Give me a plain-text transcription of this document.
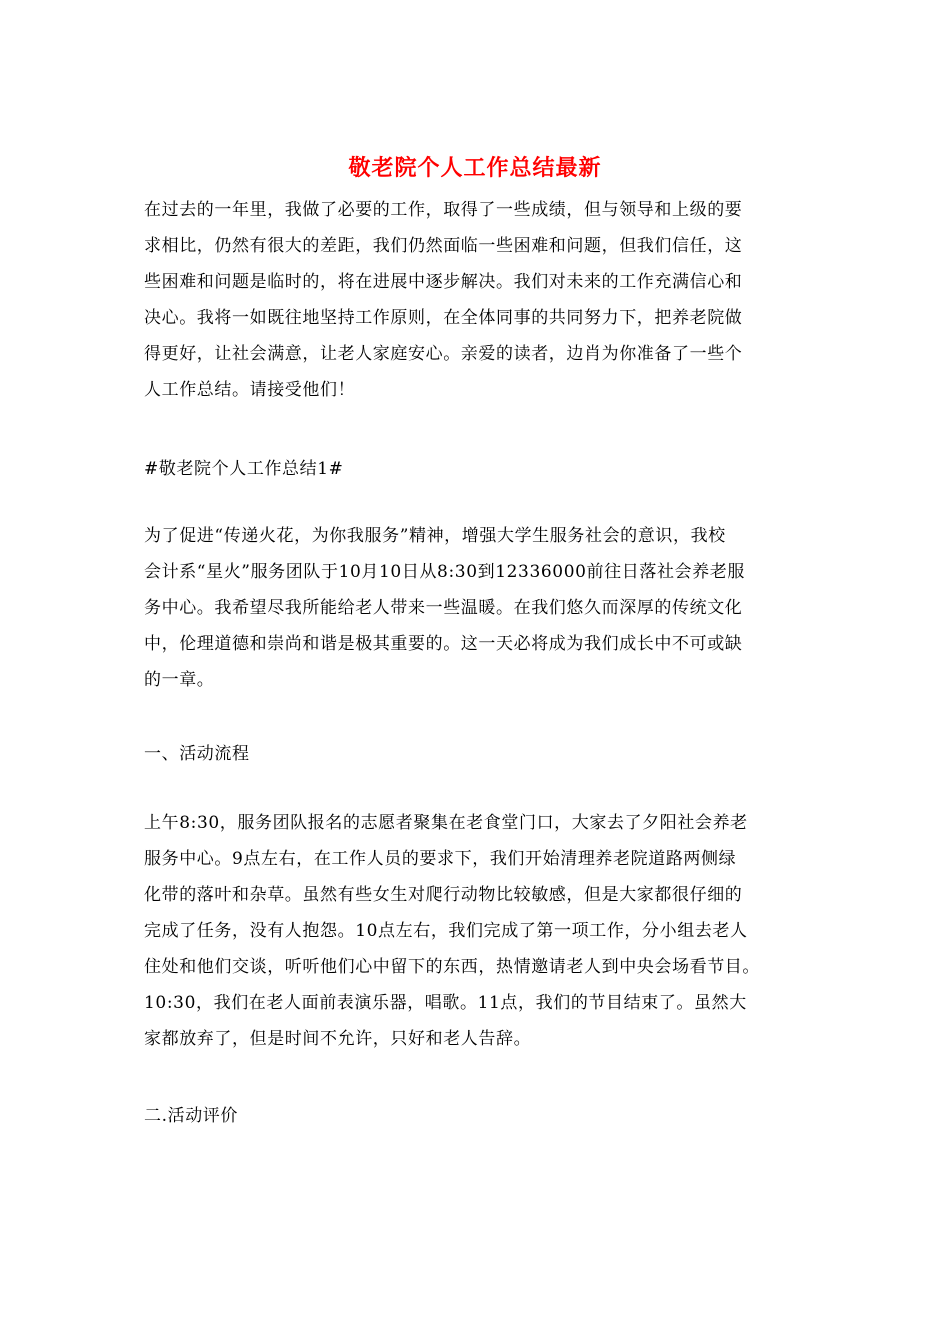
敬老院个人工作总结最新
在过去的一年里，我做了必要的工作，取得了一些成绩，但与领导和上级的要
求相比，仍然有很大的差距，我们仍然面临一些困难和问题，但我们信任，这
些困难和问题是临时的，将在进展中逐步解决。我们对未来的工作充满信心和
决心。我将一如既往地坚持工作原则，在全体同事的共同努力下，把养老院做
得更好，让社会满意，让老人家庭安心。亲爱的读者，边肖为你准备了一些个
人工作总结。请接受他们！
#敬老院个人工作总结1#
为了促进“传递火花，为你我服务”精神，增强大学生服务社会的意识，我校
会计系“星火”服务团队于10月10日从8:30到12336000前往日落社会养老服
务中心。我希望尽我所能给老人带来一些温暖。在我们悠久而深厚的传统文化
中，伦理道德和崇尚和谐是极其重要的。这一天必将成为我们成长中不可或缺
的一章。
一、活动流程
上午8:30，服务团队报名的志愿者聚集在老食堂门口，大家去了夕阳社会养老
服务中心。9点左右，在工作人员的要求下，我们开始清理养老院道路两侧绿
化带的落叶和杂草。虽然有些女生对爬行动物比较敏感，但是大家都很仔细的
完成了任务，没有人抱怨。10点左右，我们完成了第一项工作，分小组去老人
住处和他们交谈，听听他们心中留下的东西，热情邀请老人到中央会场看节目。
10:30，我们在老人面前表演乐器，唱歌。11点，我们的节目结束了。虽然大
家都放弃了，但是时间不允许，只好和老人告辞。
二.活动评价
